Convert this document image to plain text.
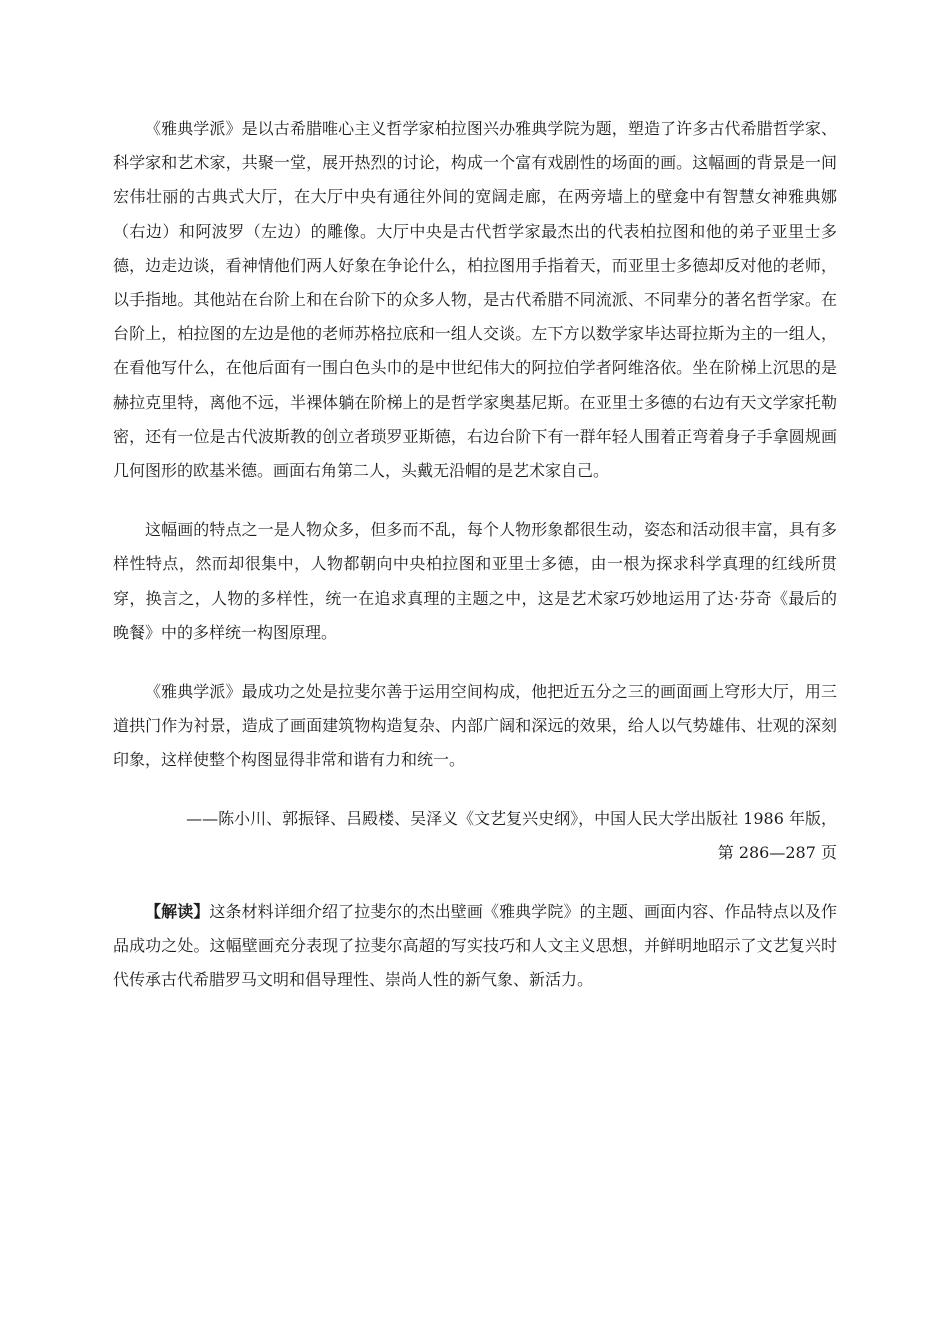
《雅典学派》是以古希腊唯心主义哲学家柏拉图兴办雅典学院为题，塑造了许多古代希腊哲学家、科学家和艺术家，共聚一堂，展开热烈的讨论，构成一个富有戏剧性的场面的画。这幅画的背景是一间宏伟壮丽的古典式大厅，在大厅中央有通往外间的宽阔走廊，在两旁墙上的壁龛中有智慧女神雅典娜（右边）和阿波罗（左边）的雕像。大厅中央是古代哲学家最杰出的代表柏拉图和他的弟子亚里士多德，边走边谈，看神情他们两人好象在争论什么，柏拉图用手指着天，而亚里士多德却反对他的老师，以手指地。其他站在台阶上和在台阶下的众多人物，是古代希腊不同流派、不同辈分的著名哲学家。在台阶上，柏拉图的左边是他的老师苏格拉底和一组人交谈。左下方以数学家毕达哥拉斯为主的一组人，在看他写什么，在他后面有一围白色头巾的是中世纪伟大的阿拉伯学者阿维洛依。坐在阶梯上沉思的是赫拉克里特，离他不远，半裸体躺在阶梯上的是哲学家奥基尼斯。在亚里士多德的右边有天文学家托勒密，还有一位是古代波斯教的创立者琐罗亚斯德，右边台阶下有一群年轻人围着正弯着身子手拿圆规画几何图形的欧基米德。画面右角第二人，头戴无沿帽的是艺术家自己。

这幅画的特点之一是人物众多，但多而不乱，每个人物形象都很生动，姿态和活动很丰富，具有多样性特点，然而却很集中，人物都朝向中央柏拉图和亚里士多德，由一根为探求科学真理的红线所贯穿，换言之，人物的多样性，统一在追求真理的主题之中，这是艺术家巧妙地运用了达·芬奇《最后的晚餐》中的多样统一构图原理。

《雅典学派》最成功之处是拉斐尔善于运用空间构成，他把近五分之三的画面画上穹形大厅，用三道拱门作为衬景，造成了画面建筑物构造复杂、内部广阔和深远的效果，给人以气势雄伟、壮观的深刻印象，这样使整个构图显得非常和谐有力和统一。

——陈小川、郭振铎、吕殿楼、吴泽义《文艺复兴史纲》，中国人民大学出版社 1986 年版，

第 286—287 页

【解读】这条材料详细介绍了拉斐尔的杰出壁画《雅典学院》的主题、画面内容、作品特点以及作品成功之处。这幅壁画充分表现了拉斐尔高超的写实技巧和人文主义思想，并鲜明地昭示了文艺复兴时代传承古代希腊罗马文明和倡导理性、崇尚人性的新气象、新活力。
